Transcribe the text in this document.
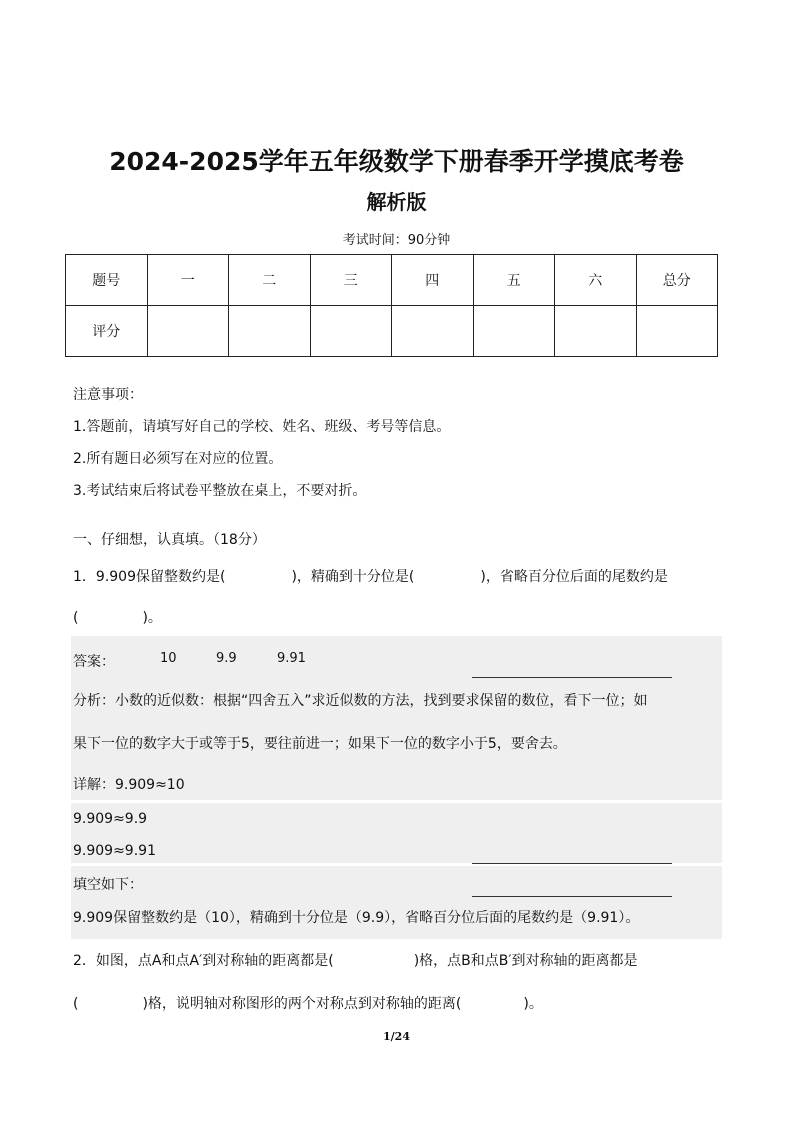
2024-2025学年五年级数学下册春季开学摸底考卷
解析版
考试时间：90分钟
题号	一	二	三	四	五	六	总分
评分							
注意事项：
1.答题前，请填写好自己的学校、姓名、班级、考号等信息。
2.所有题日必须写在对应的位置。
3.考试结束后将试卷平整放在桌上，不要对折。
一、仔细想，认真填。（18分）
1．9.909保留整数约是(	)，精确到十分位是(	)，省略百分位后面的尾数约是
(	)。
答案：	10	9.9	9.91
分析：小数的近似数：根据“四舍五入”求近似数的方法，找到要求保留的数位，看下一位；如
果下一位的数字大于或等于5，要往前进一；如果下一位的数字小于5，要舍去。
详解：9.909≈10
9.909≈9.9
9.909≈9.91
填空如下：
9.909保留整数约是（10），精确到十分位是（9.9），省略百分位后面的尾数约是（9.91）。
2．如图，点A和点A′到对称轴的距离都是(	)格，点B和点B′到对称轴的距离都是
(	)格，说明轴对称图形的两个对称点到对称轴的距离(	)。
1/24
